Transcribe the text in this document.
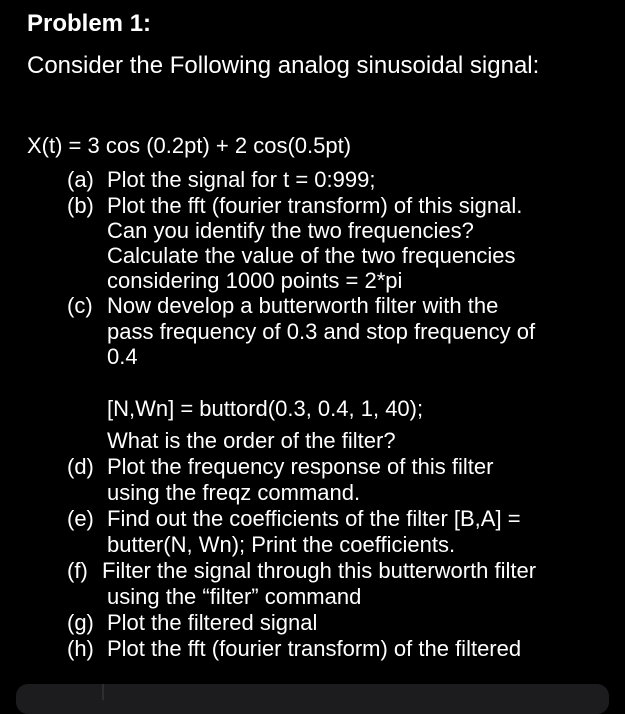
Problem 1:
Consider the Following analog sinusoidal signal:
X(t) = 3 cos (0.2pt) + 2 cos(0.5pt)
(a) Plot the signal for t = 0:999;
(b) Plot the fft (fourier transform) of this signal.
Can you identify the two frequencies?
Calculate the value of the two frequencies
considering 1000 points = 2*pi
(c) Now develop a butterworth filter with the
pass frequency of 0.3 and stop frequency of
0.4
[N,Wn] = buttord(0.3, 0.4, 1, 40);
What is the order of the filter?
(d) Plot the frequency response of this filter
using the freqz command.
(e) Find out the coefficients of the filter [B,A] =
butter(N, Wn); Print the coefficients.
(f) Filter the signal through this butterworth filter
using the “filter” command
(g) Plot the filtered signal
(h) Plot the fft (fourier transform) of the filtered
